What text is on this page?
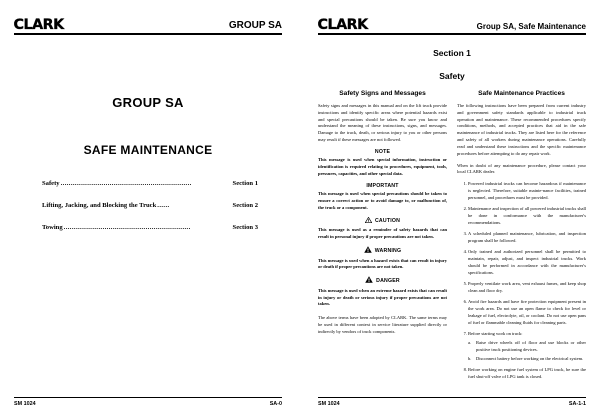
CLARK	GROUP SA
GROUP SA
SAFE MAINTENANCE
Safety ................................................................	Section 1
Lifting, Jacking, and Blocking the Truck ......	Section 2
Towing ..............................................................	Section 3
SM 1024	SA-0
CLARK	Group SA, Safe Maintenance
Section 1
Safety
Safety Signs and Messages

Safety signs and messages in this manual and on the lift truck provide instructions and identify specific areas where potential hazards exist and special precautions should be taken. Be sure you know and understand the meaning of these instructions, signs, and messages. Damage to the truck, death, or serious injury to you or other persons may result if these messages are not followed.

NOTE

This message is used when special information, instruction or identification is required relating to procedures, equipment, tools, pressures, capacities, and other special data.

IMPORTANT

This message is used when special precautions should be taken to ensure a correct action or to avoid damage to, or malfunction of, the truck or a component.

CAUTION

This message is used as a reminder of safety hazards that can result in personal injury if proper precautions are not taken.

WARNING

This message is used when a hazard exists that can result in injury or death if proper precautions are not taken.

DANGER

This message is used when an extreme hazard exists that can result in injury or death or serious injury if proper precautions are not taken.

The above terms have been adopted by CLARK. The same terms may be used in different context in service literature supplied directly or indirectly by vendors of truck components.

Safe Maintenance Practices

The following instructions have been prepared from current industry and government safety standards applicable to industrial truck operation and maintenance. These recommended procedures specify conditions, methods, and accepted practices that aid in the safe maintenance of industrial trucks. They are listed here for the reference and safety of all workers during maintenance operations. Carefully read and understand these instructions and the specific maintenance procedures before attempting to do any repair work.

When in doubt of any maintenance procedure, please contact your local CLARK dealer.

Powered industrial trucks can become hazardous if maintenance is neglected. Therefore, suitable mainte-nance facilities, trained personnel, and procedures must be provided.
Maintenance and inspection of all powered industrial trucks shall be done in conformance with the manufacturer's recommendations.
A scheduled planned maintenance, lubrication, and inspection program shall be followed.
Only trained and authorized personnel shall be permitted to maintain, repair, adjust, and inspect industrial trucks. Work should be performed in accordance with the manufacturer's specifications.
Properly ventilate work area, vent exhaust fumes, and keep shop clean and floor dry.
Avoid fire hazards and have fire protection equipment present in the work area. Do not use an open flame to check for level or leakage of fuel, electrolyte, oil, or coolant. Do not use open pans of fuel or flammable cleaning fluids for cleaning parts.
Before starting work on truck:
Raise drive wheels off of floor and use blocks or other positive truck positioning devices.
Disconnect battery before working on the electrical system.
Before working on engine fuel system of LPG truck, be sure the fuel shut-off valve of LPG tank is closed.
SM 1024	SA-1-1
